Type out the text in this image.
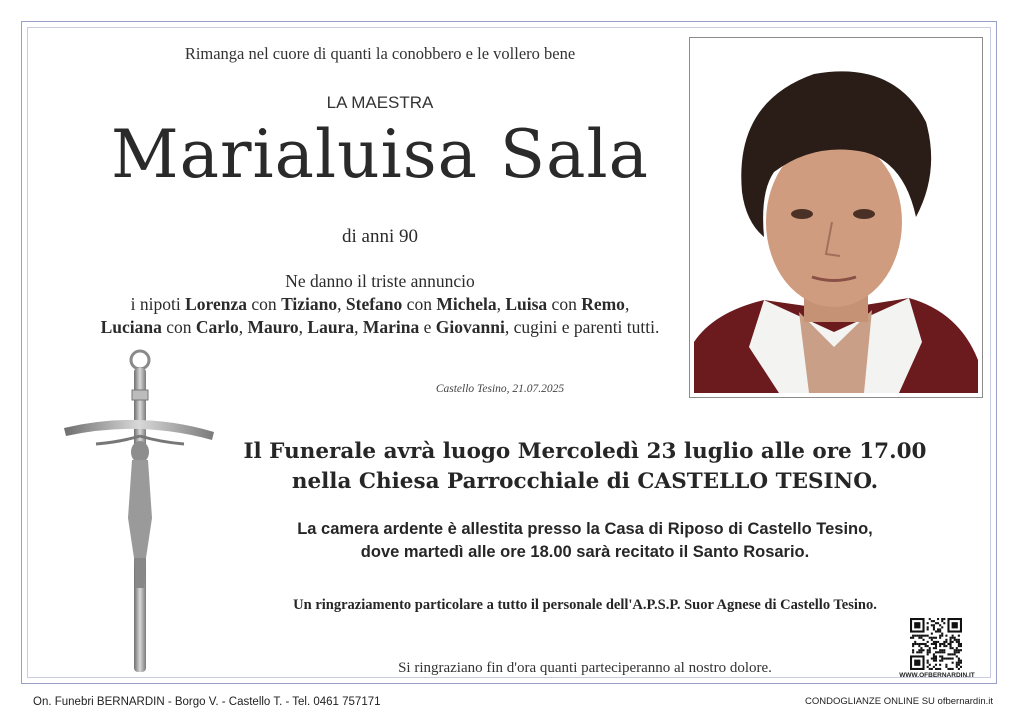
Rimanga nel cuore di quanti la conobbero e le vollero bene
LA MAESTRA
Marialuisa Sala
di anni 90
Ne danno il triste annuncio
i nipoti Lorenza con Tiziano, Stefano con Michela, Luisa con Remo,
Luciana con Carlo, Mauro, Laura, Marina e Giovanni, cugini e parenti tutti.
Castello Tesino, 21.07.2025
Il Funerale avrà luogo Mercoledì 23 luglio alle ore 17.00
nella Chiesa Parrocchiale di CASTELLO TESINO.
La camera ardente è allestita presso la Casa di Riposo di Castello Tesino,
dove martedì alle ore 18.00 sarà recitato il Santo Rosario.
Un ringraziamento particolare a tutto il personale dell'A.P.S.P. Suor Agnese di Castello Tesino.
Si ringraziano fin d'ora quanti parteciperanno al nostro dolore.	WWW.OFBERNARDIN.IT
On. Funebri BERNARDIN - Borgo V. - Castello T. - Tel. 0461 757171	CONDOGLIANZE ONLINE SU ofbernardin.it
